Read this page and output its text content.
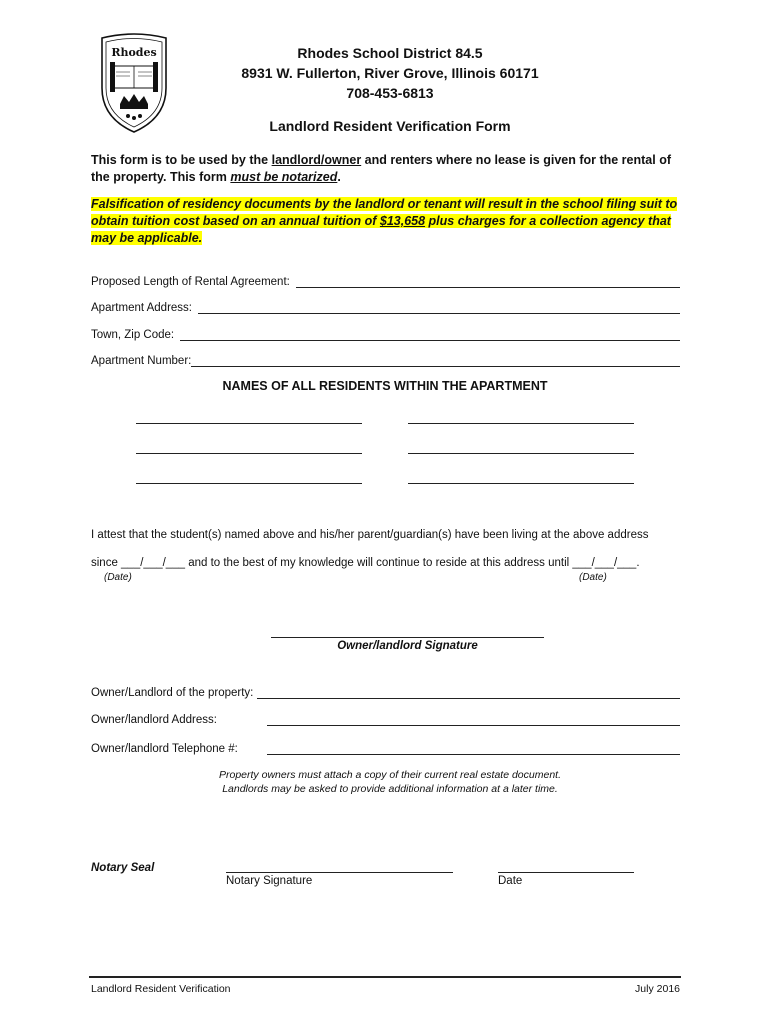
Rhodes	Rhodes School District 84.5
8931 W. Fullerton, River Grove, Illinois 60171
708-453-6813
Landlord Resident Verification Form
This form is to be used by the landlord/owner and renters where no lease is given for the rental of the property. This form must be notarized.
Falsification of residency documents by the landlord or tenant will result in the school filing suit to obtain tuition cost based on an annual tuition of $13,658 plus charges for a collection agency that may be applicable.
Proposed Length of Rental Agreement:
Apartment Address:
Town, Zip Code:
Apartment Number:
NAMES OF ALL RESIDENTS WITHIN THE APARTMENT
I attest that the student(s) named above and his/her parent/guardian(s) have been living at the above address
since ___/___/___ and to the best of my knowledge will continue to reside at this address until ___/___/___.
(Date)	(Date)
Owner/landlord Signature
Owner/Landlord of the property:
Owner/landlord Address:
Owner/landlord Telephone #:
Property owners must attach a copy of their current real estate document.
Landlords may be asked to provide additional information at a later time.
Notary Seal
Notary Signature	Date
Landlord Resident Verification	July 2016
